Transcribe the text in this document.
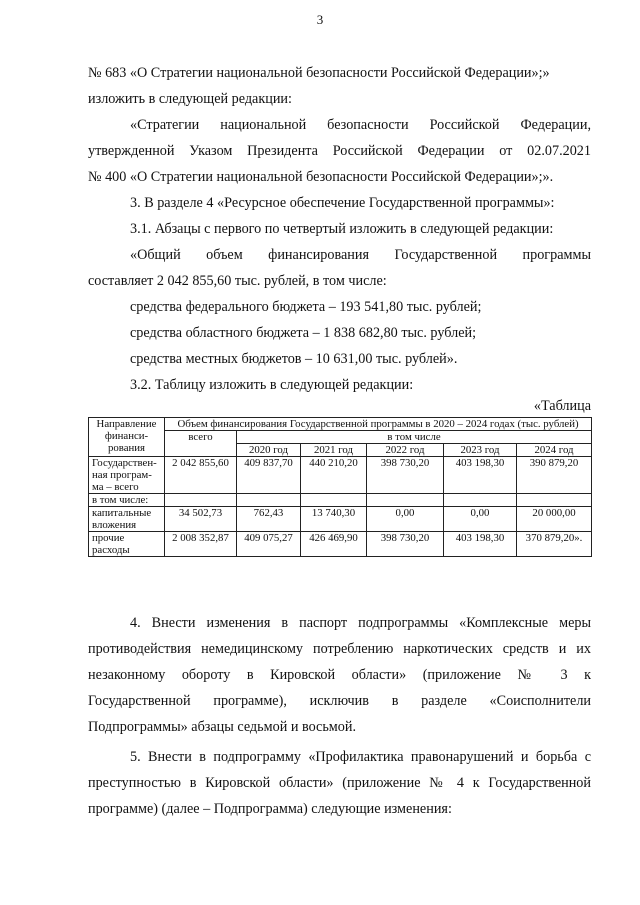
3
№ 683 «О Стратегии национальной безопасности Российской Федерации»;»
изложить в следующей редакции:
«Стратегии национальной безопасности Российской Федерации,
утвержденной Указом Президента Российской Федерации от 02.07.2021
№ 400 «О Стратегии национальной безопасности Российской Федерации»;».
3. В разделе 4 «Ресурсное обеспечение Государственной программы»:
3.1. Абзацы с первого по четвертый изложить в следующей редакции:
«Общий объем финансирования Государственной программы
составляет 2 042 855,60 тыс. рублей, в том числе:
средства федерального бюджета – 193 541,80 тыс. рублей;
средства областного бюджета – 1 838 682,80 тыс. рублей;
средства местных бюджетов – 10 631,00 тыс. рублей».
3.2. Таблицу изложить в следующей редакции:
«Таблица
Направление финанси-рования	Объем финансирования Государственной программы в 2020 – 2024 годах (тыс. рублей)					
	всего	в том числе				
		2020 год	2021 год	2022 год	2023 год	2024 год
Государствен-ная програм-ма – всего	2 042 855,60	409 837,70	440 210,20	398 730,20	403 198,30	390 879,20
в том числе:						
капитальные вложения	34 502,73	762,43	13 740,30	0,00	0,00	20 000,00
прочие расходы	2 008 352,87	409 075,27	426 469,90	398 730,20	403 198,30	370 879,20».
4. Внести изменения в паспорт подпрограммы «Комплексные меры
противодействия немедицинскому потреблению наркотических средств и их
незаконному обороту в Кировской области» (приложение № 3 к
Государственной программе), исключив в разделе «Соисполнители
Подпрограммы» абзацы седьмой и восьмой.
5. Внести в подпрограмму «Профилактика правонарушений и борьба с
преступностью в Кировской области» (приложение № 4 к Государственной
программе) (далее – Подпрограмма) следующие изменения:
